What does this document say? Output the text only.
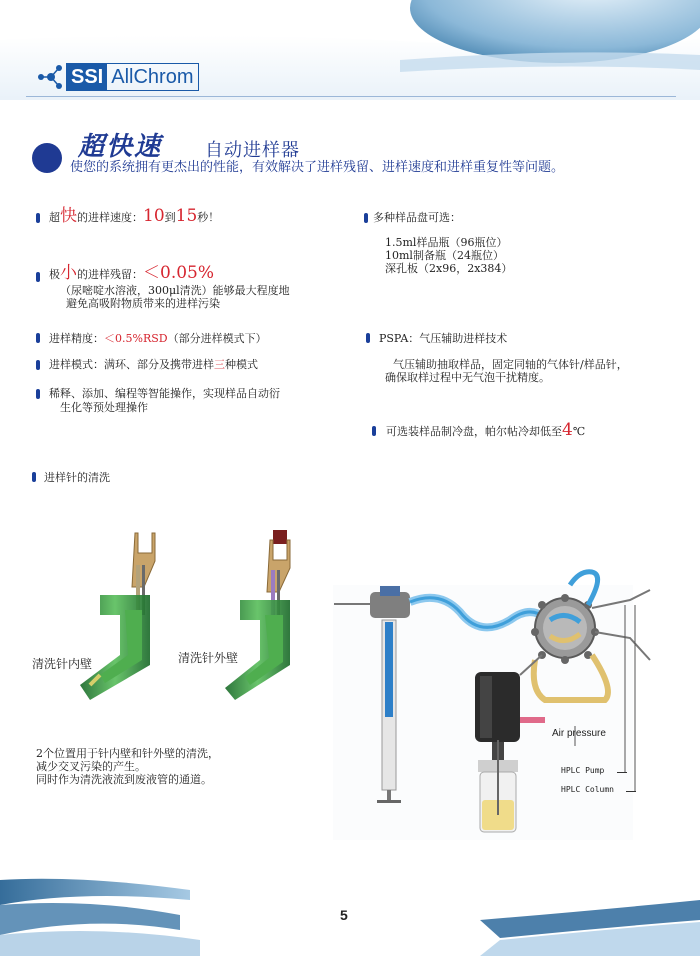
SSI AllChrom
超快速 自动进样器
使您的系统拥有更杰出的性能，有效解决了进样残留、进样速度和进样重复性等问题。
超快的进样速度：10到15秒！
极小的进样残留：＜0.05%
（尿嘧啶水溶液，300μl清洗）能够最大程度地
避免高吸附物质带来的进样污染
进样精度：＜0.5%RSD（部分进样模式下）
进样模式：满环、部分及携带进样三种模式
稀释、添加、编程等智能操作，实现样品自动衍
生化等预处理操作
多种样品盘可选：
1.5ml样品瓶（96瓶位）
10ml制备瓶（24瓶位）
深孔板（2x96，2x384）
PSPA：气压辅助进样技术
气压辅助抽取样品，固定同轴的气体针/样品针，
确保取样过程中无气泡干扰精度。
可选装样品制冷盘，帕尔帖冷却低至4℃
进样针的清洗
清洗针内壁	清洗针外壁
2个位置用于针内壁和针外壁的清洗，
减少交叉污染的产生。
同时作为清洗液流到废液管的通道。
Air pressure
HPLC Pump
HPLC Column
5
